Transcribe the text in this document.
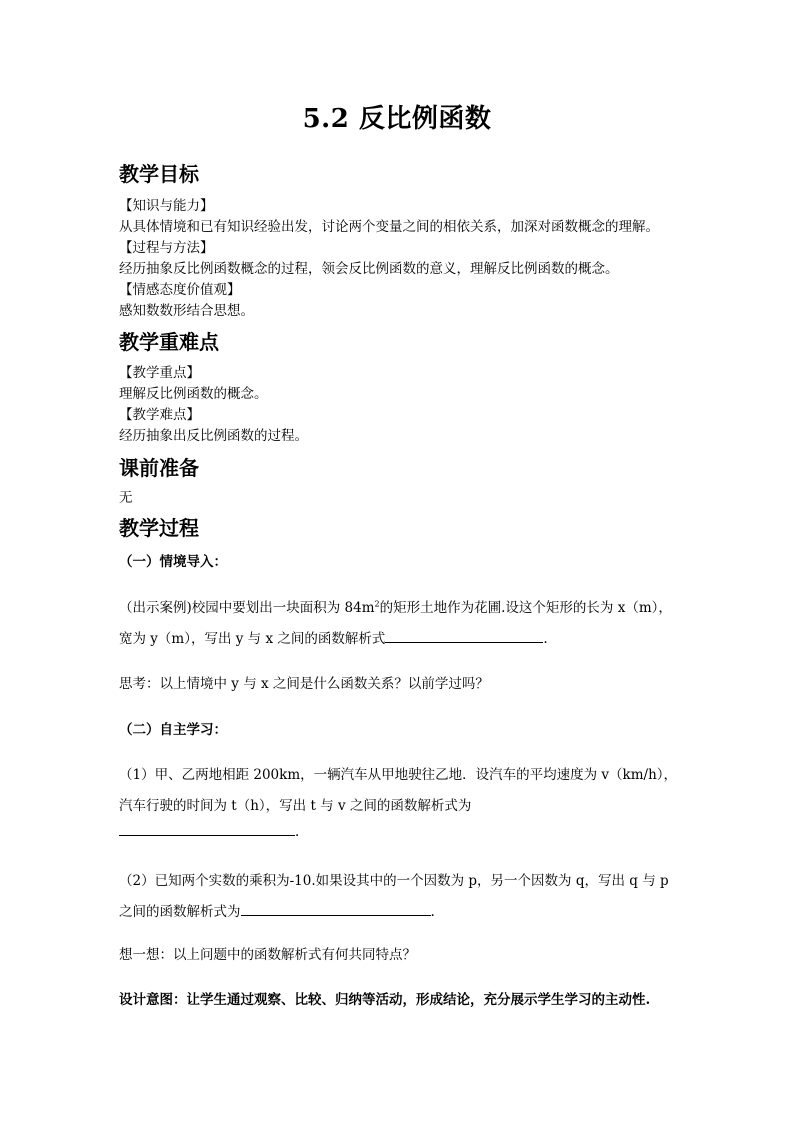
5.2 反比例函数
教学目标
【知识与能力】
从具体情境和已有知识经验出发，讨论两个变量之间的相依关系，加深对函数概念的理解。
【过程与方法】
经历抽象反比例函数概念的过程，领会反比例函数的意义，理解反比例函数的概念。
【情感态度价值观】
感知数数形结合思想。
教学重难点
【教学重点】
理解反比例函数的概念。
【教学难点】
经历抽象出反比例函数的过程。
课前准备
无
教学过程
（一）情境导入：
（出示案例)校园中要划出一块面积为 $84m^2$的矩形土地作为花圃.设这个矩形的长为 x（m），
宽为 y（m），写出 y 与 x 之间的函数解析式	.
思考：以上情境中 y 与 x 之间是什么函数关系？以前学过吗？
（二）自主学习：
（1）甲、乙两地相距 200km，一辆汽车从甲地驶往乙地．设汽车的平均速度为 v（km/h），
汽车行驶的时间为 t（h），写出 t 与 v 之间的函数解析式为
.
（2）已知两个实数的乘积为-10.如果设其中的一个因数为 p，另一个因数为 q，写出 q 与 p
之间的函数解析式为	.
想一想：以上问题中的函数解析式有何共同特点？
设计意图：让学生通过观察、比较、归纳等活动，形成结论，充分展示学生学习的主动性.
